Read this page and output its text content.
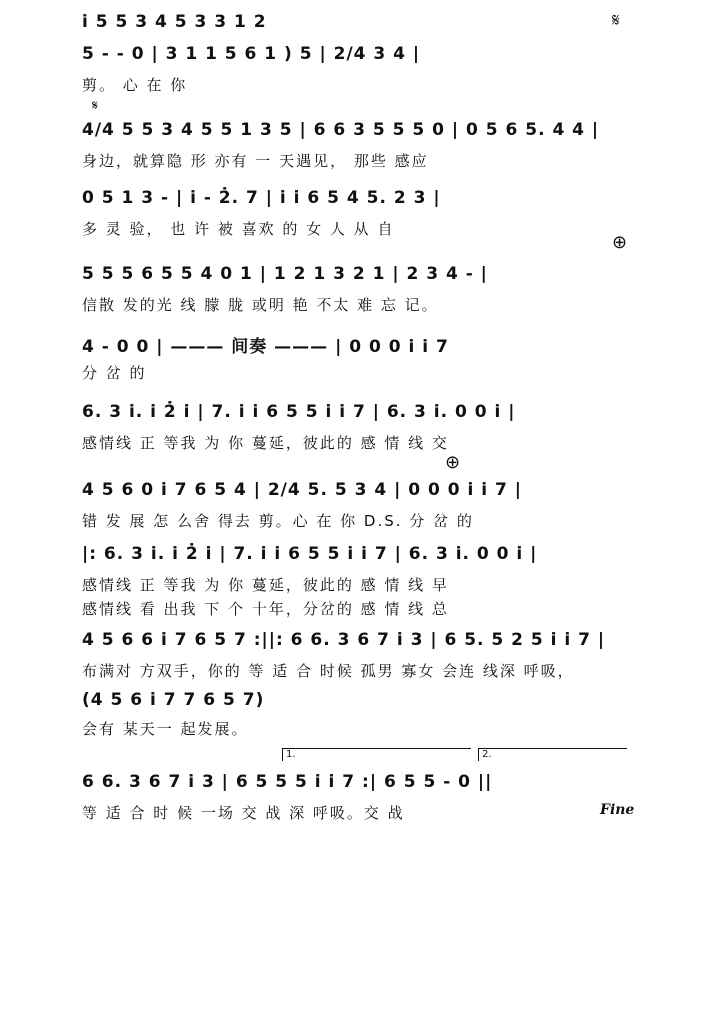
𝄋
𝄋
i̇ 5 5 3 4 5 3 3 1 2
5 - - 0 | 3 1 1 5 6 1 ) 5 | 2/4 3 4 |
剪。 心 在 你
4/4 5 5 3 4 5 5 1 3 5 | 6 6 3 5 5 5 0 | 0 5 6 5. 4 4 |
身边，就算隐 形 亦有 一 天遇见， 那些 感应
0 5 1 3 - | i̇ - 2̇. 7 | i̇ i̇ 6 5 4 5. 2 3 |
多 灵 验， 也 许 被 喜欢 的 女 人 从 自
⊕
5 5 5 6 5 5 4 0 1 | 1 2 1 3 2 1 | 2 3 4 - |
信散 发的光 线 朦 胧 或明 艳 不太 难 忘 记。
4 - 0 0 | ——— 间奏 ——— | 0 0 0 i̇ i̇ 7
分 岔 的
6. 3 i̇. i̇ 2̇ i̇ | 7. i̇ i̇ 6 5 5 i̇ i̇ 7 | 6. 3 i̇. 0 0 i̇ |
感情线 正 等我 为 你 蔓延，彼此的 感 情 线 交
⊕
4 5 6 0 i̇ 7 6 5 4 | 2/4 5. 5 3 4 | 0 0 0 i̇ i̇ 7 |
错 发 展 怎 么舍 得去 剪。心 在 你 D.S. 分 岔 的
|: 6. 3 i̇. i̇ 2̇ i̇ | 7. i̇ i̇ 6 5 5 i̇ i̇ 7 | 6. 3 i̇. 0 0 i̇ |
感情线 正 等我 为 你 蔓延，彼此的 感 情 线 早
感情线 看 出我 下 个 十年，分岔的 感 情 线 总
4 5 6 6 i̇ 7 6 5 7 :||: 6 6. 3 6 7 i̇ 3 | 6 5. 5 2 5 i̇ i̇ 7 |
布满对 方双手，你的 等 适 合 时候 孤男 寡女 会连 线深 呼吸，
(4 5 6 i̇ 7 7 6 5 7)
会有 某天一 起发展。
1.	2.
6 6. 3 6 7 i̇ 3 | 6 5 5 5 i̇ i̇ 7 :| 6 5 5 - 0 ||
等 适 合 时 候 一场 交 战 深 呼吸。交 战	Fine
